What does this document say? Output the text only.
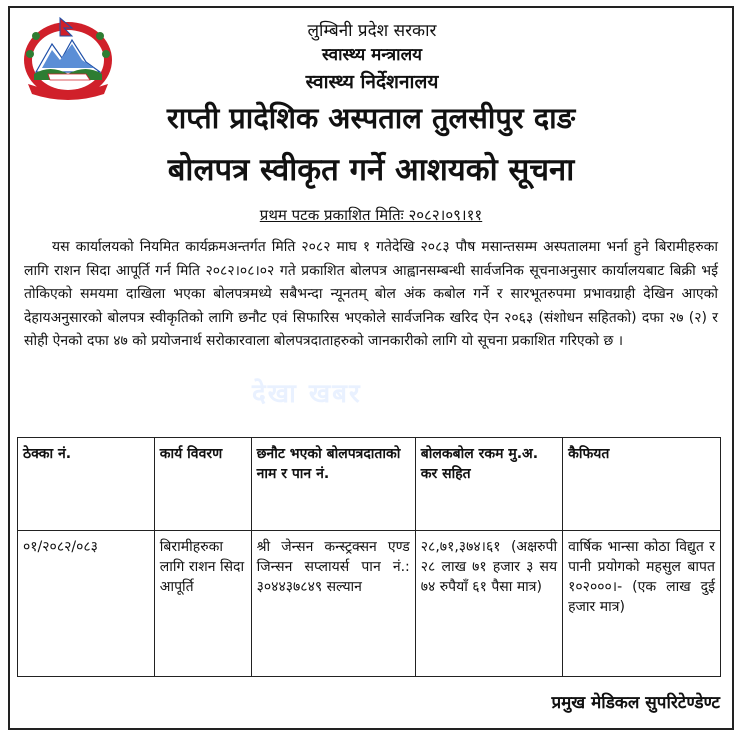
लुम्बिनी प्रदेश सरकार
स्वास्थ्य मन्त्रालय
स्वास्थ्य निर्देशनालय
राप्ती प्रादेशिक अस्पताल तुलसीपुर दाङ
बोलपत्र स्वीकृत गर्ने आशयको सूचना
प्रथम पटक प्रकाशित मितिः २०८२।०९।११
देखा खबर
यस कार्यालयको नियमित कार्यक्रमअन्तर्गत मिति २०८२ माघ १ गतेदेखि २०८३ पौष मसान्तसम्म अस्पतालमा भर्ना हुने बिरामीहरुका लागि राशन सिदा आपूर्ति गर्न मिति २०८२।०८।०२ गते प्रकाशित बोलपत्र आह्वानसम्बन्धी सार्वजनिक सूचनाअनुसार कार्यालयबाट बिक्री भई तोकिएको समयमा दाखिला भएका बोलपत्रमध्ये सबैभन्दा न्यूनतम् बोल अंक कबोल गर्ने र सारभूतरुपमा प्रभावग्राही देखिन आएको देहायअनुसारको बोलपत्र स्वीकृतिको लागि छनौट एवं सिफारिस भएकोले सार्वजनिक खरिद ऐन २०६३ (संशोधन सहितको) दफा २७ (२) र सोही ऐनको दफा ४७ को प्रयोजनार्थ सरोकारवाला बोलपत्रदाताहरुको जानकारीको लागि यो सूचना प्रकाशित गरिएको छ ।
ठेक्का नं.	कार्य विवरण	छनौट भएको बोलपत्रदाताको नाम र पान नं.	बोलकबोल रकम मु.अ. कर सहित	कैफियत
०१/२०८२/०८३	बिरामीहरुका लागि राशन सिदा आपूर्ति	श्री जेन्सन कन्स्ट्रक्सन एण्ड जिन्सन सप्लायर्स पान नं.: ३०४४३७८४९ सल्यान	२८,७१,३७४।६१ (अक्षरुपी २८ लाख ७१ हजार ३ सय ७४ रुपैयाँ ६१ पैसा मात्र)	वार्षिक भान्सा कोठा विद्युत र पानी प्रयोगको महसुल बापत १०२०००।- (एक लाख दुई हजार मात्र)
प्रमुख मेडिकल सुपरिटेण्डेण्ट
